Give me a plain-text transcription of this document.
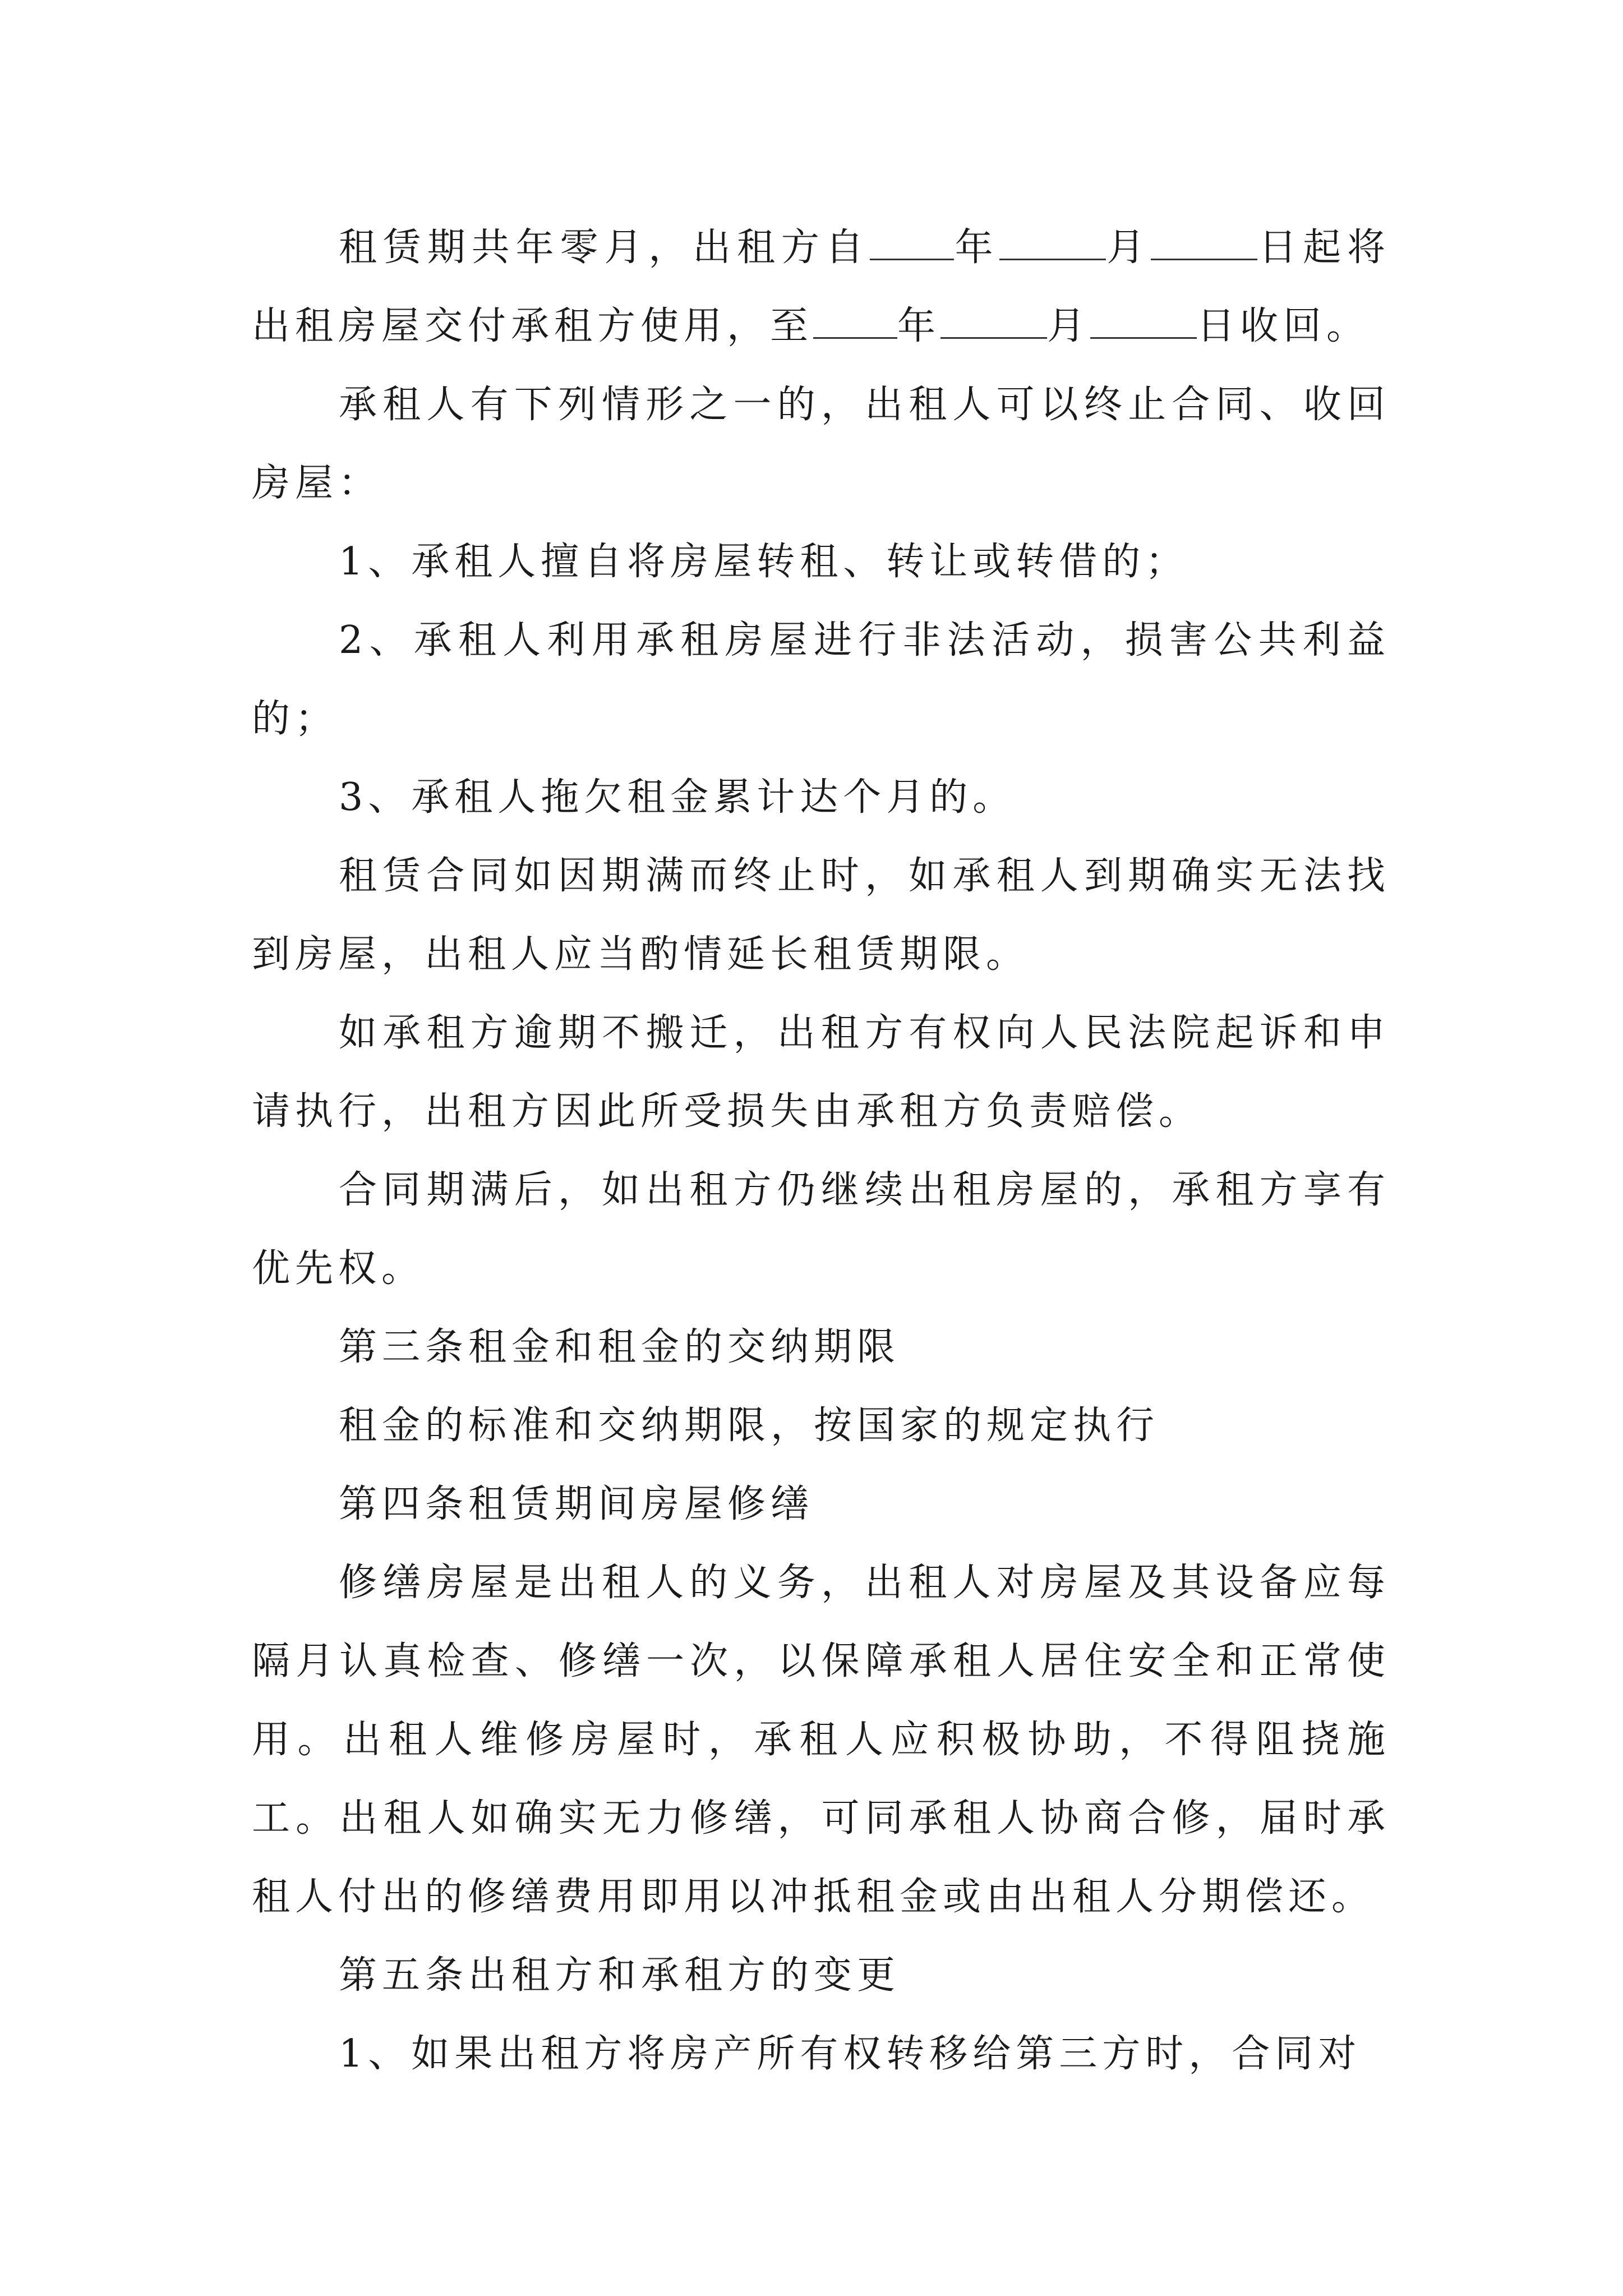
租赁期共年零月，出租方自 年	月	日起将出租房屋交付承租方使用，至 年	月	日收回。

承租人有下列情形之一的，出租人可以终止合同、收回房屋：

1、承租人擅自将房屋转租、转让或转借的；

2、承租人利用承租房屋进行非法活动，损害公共利益的；

3、承租人拖欠租金累计达个月的。

租赁合同如因期满而终止时，如承租人到期确实无法找到房屋，出租人应当酌情延长租赁期限。

如承租方逾期不搬迁，出租方有权向人民法院起诉和申请执行，出租方因此所受损失由承租方负责赔偿。

合同期满后，如出租方仍继续出租房屋的，承租方享有优先权。

第三条租金和租金的交纳期限

租金的标准和交纳期限，按国家的规定执行

第四条租赁期间房屋修缮

修缮房屋是出租人的义务，出租人对房屋及其设备应每隔月认真检查、修缮一次，以保障承租人居住安全和正常使用。出租人维修房屋时，承租人应积极协助，不得阻挠施工。出租人如确实无力修缮，可同承租人协商合修，届时承租人付出的修缮费用即用以冲抵租金或由出租人分期偿还。

第五条出租方和承租方的变更

1、如果出租方将房产所有权转移给第三方时，合同对
